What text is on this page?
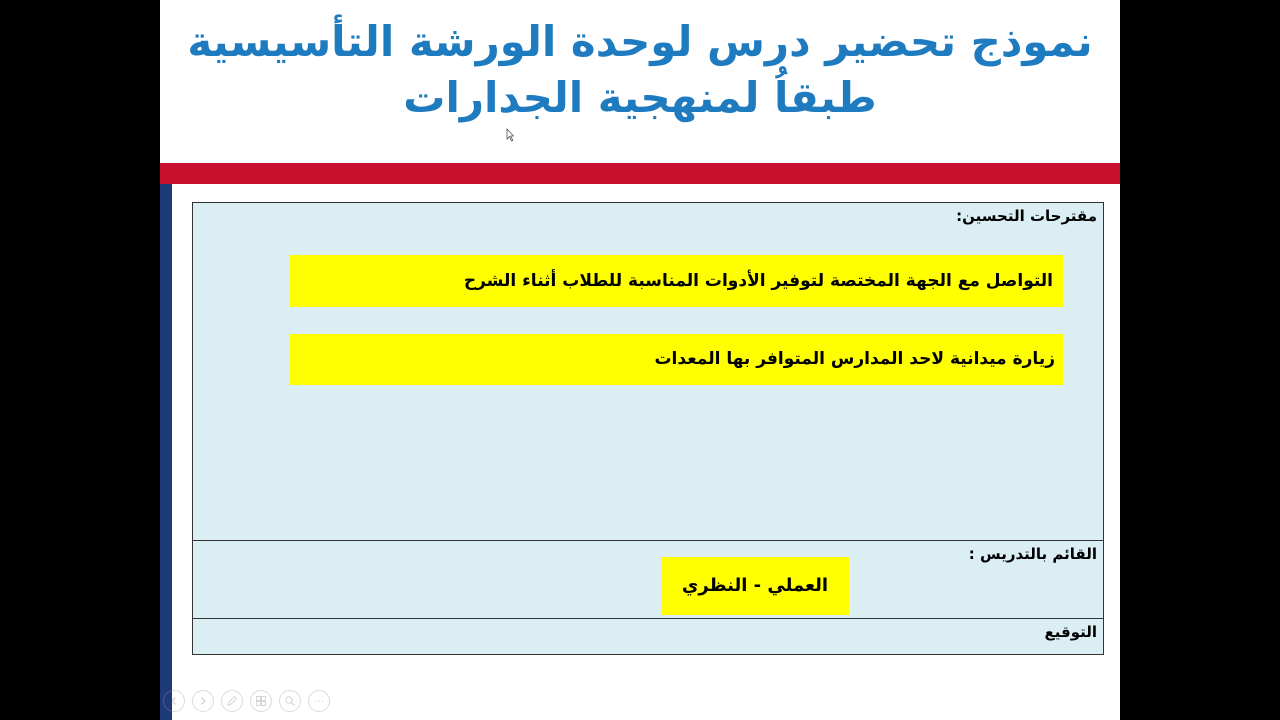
نموذج تحضير درس لوحدة الورشة التأسيسية
طبقاُ لمنهجية الجدارات
مقترحات التحسين:
التواصل مع الجهة المختصة لتوفير الأدوات المناسبة للطلاب أثناء الشرح
زيارة ميدانية لاحد المدارس المتوافر بها المعدات
القائم بالتدريس :
العملي - النظري
التوقيع
···
